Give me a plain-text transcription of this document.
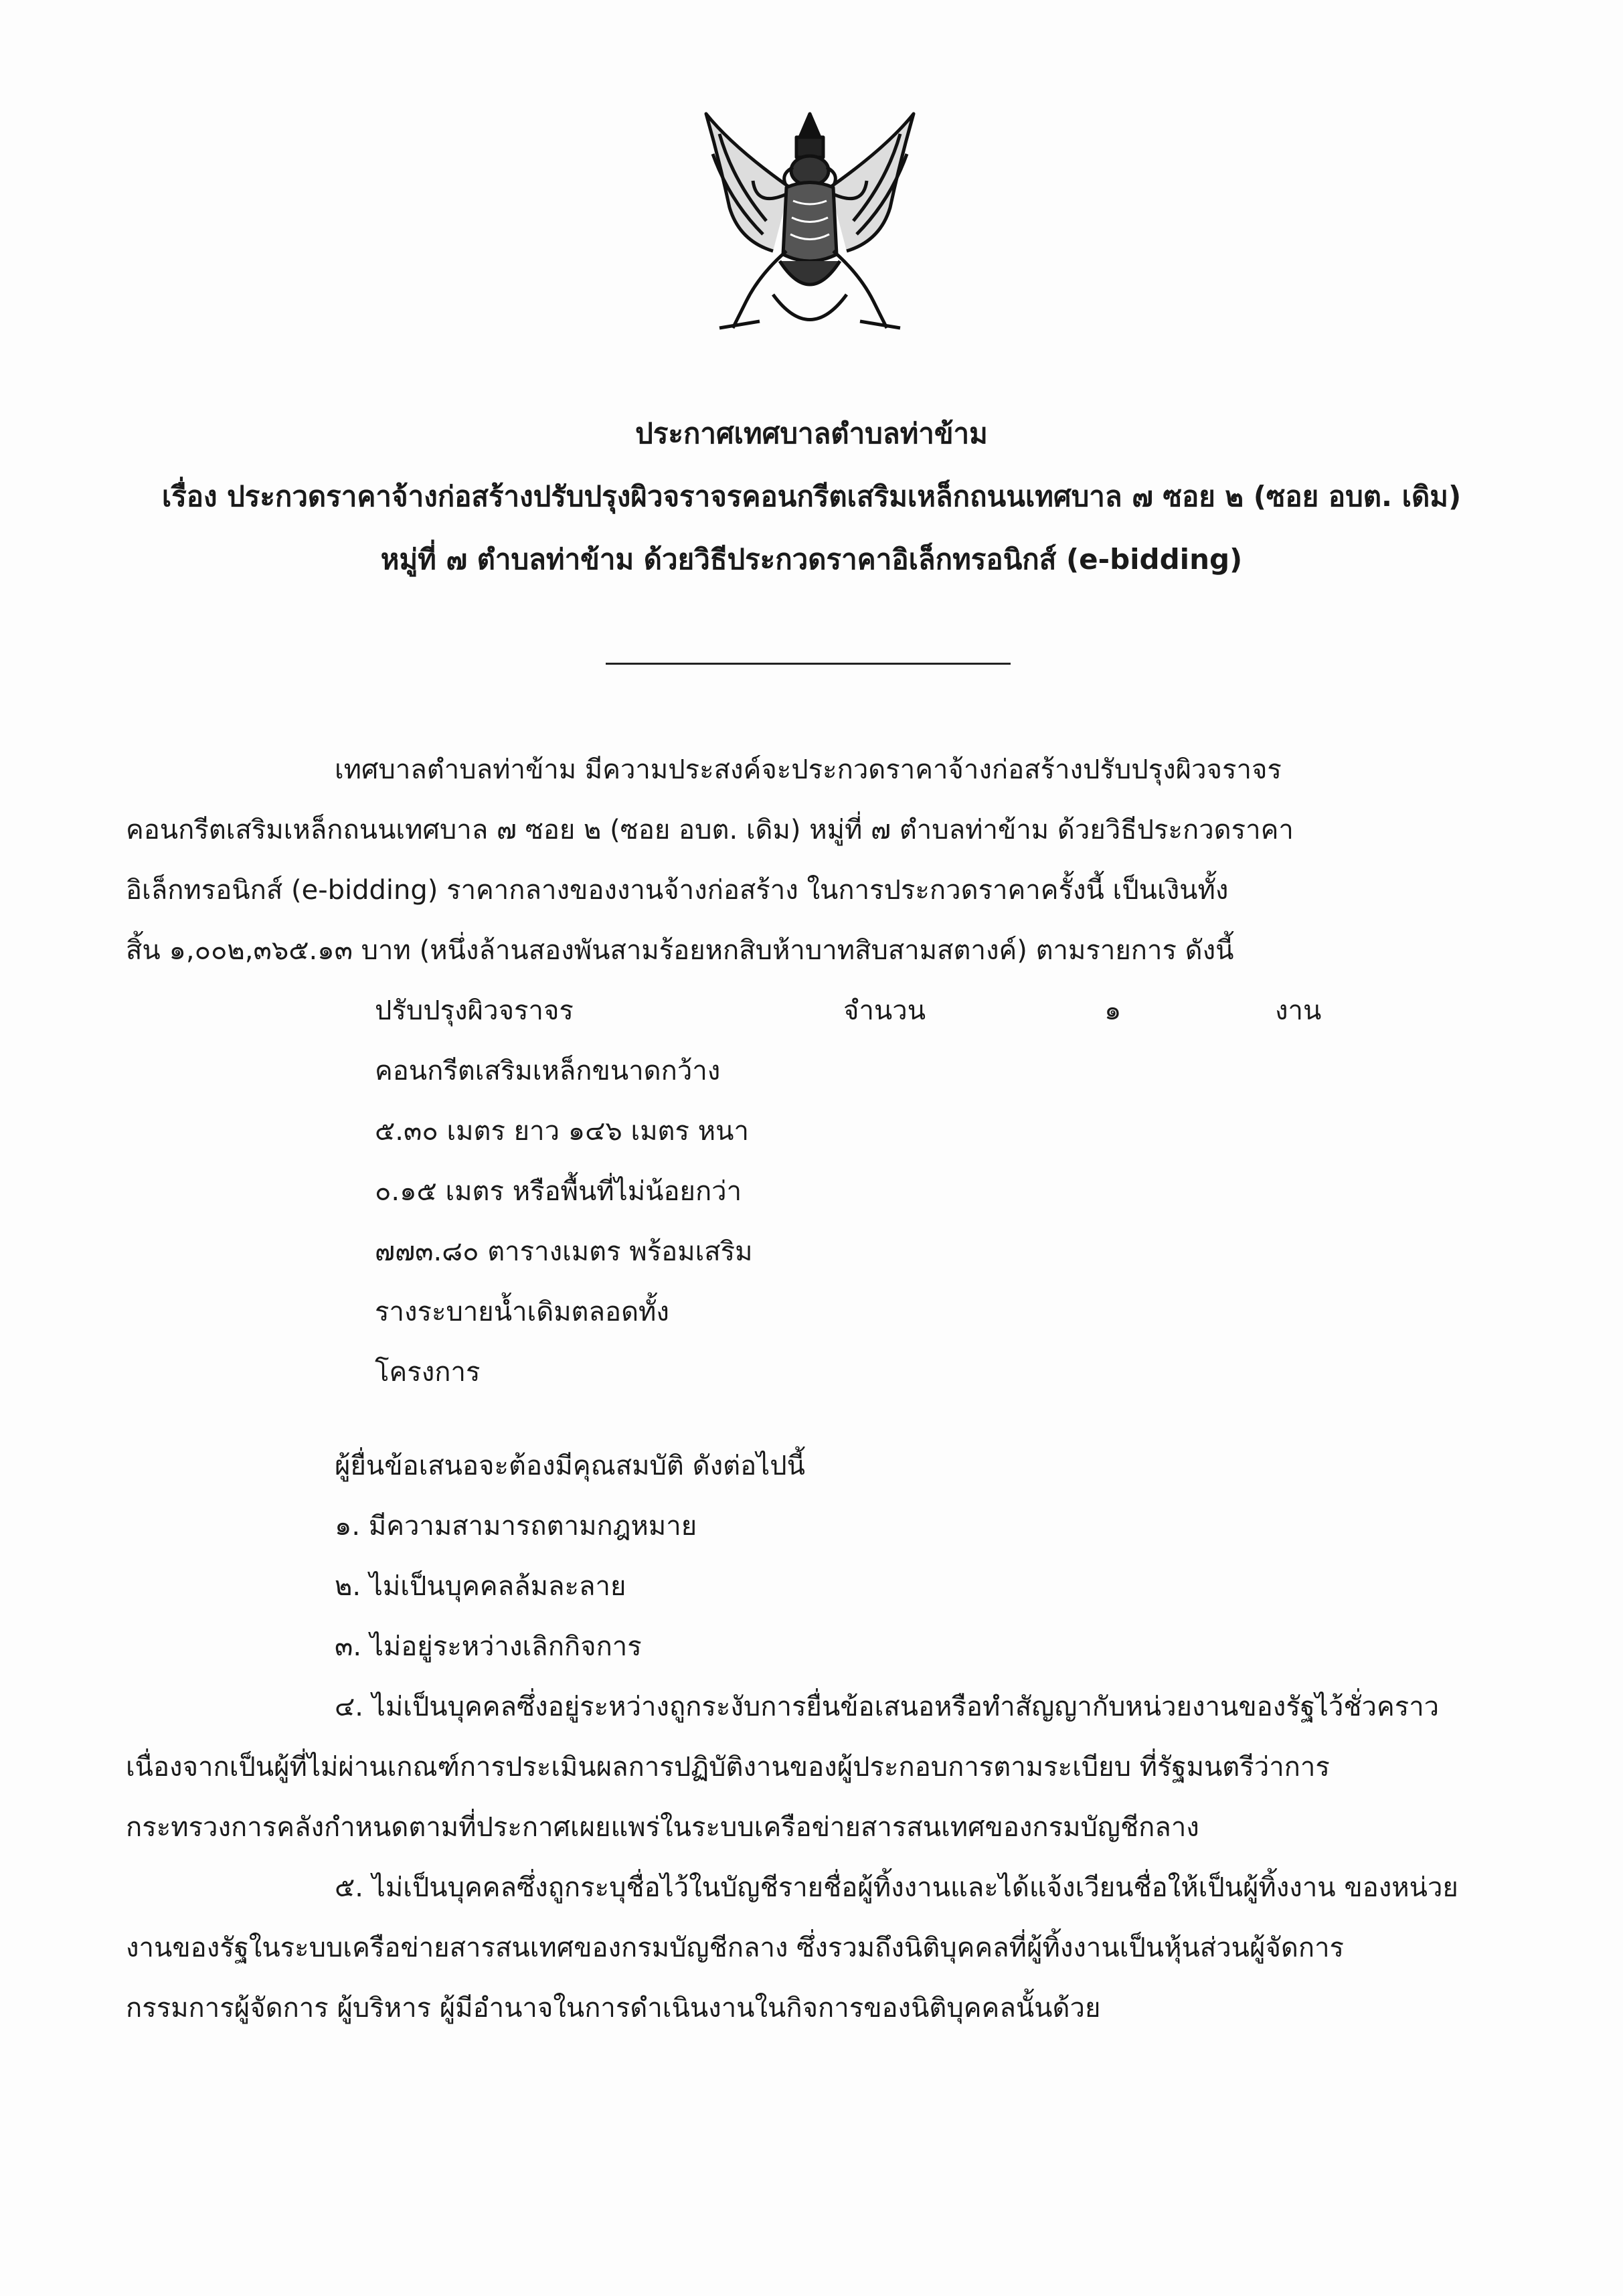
ประกาศเทศบาลตำบลท่าข้าม
เรื่อง ประกวดราคาจ้างก่อสร้างปรับปรุงผิวจราจรคอนกรีตเสริมเหล็กถนนเทศบาล ๗ ซอย ๒ (ซอย อบต. เดิม)
หมู่ที่ ๗ ตำบลท่าข้าม ด้วยวิธีประกวดราคาอิเล็กทรอนิกส์ (e-bidding)
เทศบาลตำบลท่าข้าม มีความประสงค์จะประกวดราคาจ้างก่อสร้างปรับปรุงผิวจราจร
คอนกรีตเสริมเหล็กถนนเทศบาล ๗ ซอย ๒ (ซอย อบต. เดิม) หมู่ที่ ๗ ตำบลท่าข้าม ด้วยวิธีประกวดราคา
อิเล็กทรอนิกส์ (e-bidding) ราคากลางของงานจ้างก่อสร้าง ในการประกวดราคาครั้งนี้ เป็นเงินทั้ง
สิ้น ๑,๐๐๒,๓๖๕.๑๓ บาท (หนึ่งล้านสองพันสามร้อยหกสิบห้าบาทสิบสามสตางค์) ตามรายการ ดังนี้
ปรับปรุงผิวจราจร	จำนวน	๑	งาน
คอนกรีตเสริมเหล็กขนาดกว้าง
๕.๓๐ เมตร ยาว ๑๔๖ เมตร หนา
๐.๑๕ เมตร หรือพื้นที่ไม่น้อยกว่า
๗๗๓.๘๐ ตารางเมตร พร้อมเสริม
รางระบายน้ำเดิมตลอดทั้ง
โครงการ
ผู้ยื่นข้อเสนอจะต้องมีคุณสมบัติ ดังต่อไปนี้
๑. มีความสามารถตามกฎหมาย
๒. ไม่เป็นบุคคลล้มละลาย
๓. ไม่อยู่ระหว่างเลิกกิจการ
๔. ไม่เป็นบุคคลซึ่งอยู่ระหว่างถูกระงับการยื่นข้อเสนอหรือทำสัญญากับหน่วยงานของรัฐไว้ชั่วคราว
เนื่องจากเป็นผู้ที่ไม่ผ่านเกณฑ์การประเมินผลการปฏิบัติงานของผู้ประกอบการตามระเบียบ ที่รัฐมนตรีว่าการ
กระทรวงการคลังกำหนดตามที่ประกาศเผยแพร่ในระบบเครือข่ายสารสนเทศของกรมบัญชีกลาง
๕. ไม่เป็นบุคคลซึ่งถูกระบุชื่อไว้ในบัญชีรายชื่อผู้ทิ้งงานและได้แจ้งเวียนชื่อให้เป็นผู้ทิ้งงาน ของหน่วย
งานของรัฐในระบบเครือข่ายสารสนเทศของกรมบัญชีกลาง ซึ่งรวมถึงนิติบุคคลที่ผู้ทิ้งงานเป็นหุ้นส่วนผู้จัดการ
กรรมการผู้จัดการ ผู้บริหาร ผู้มีอำนาจในการดำเนินงานในกิจการของนิติบุคคลนั้นด้วย
